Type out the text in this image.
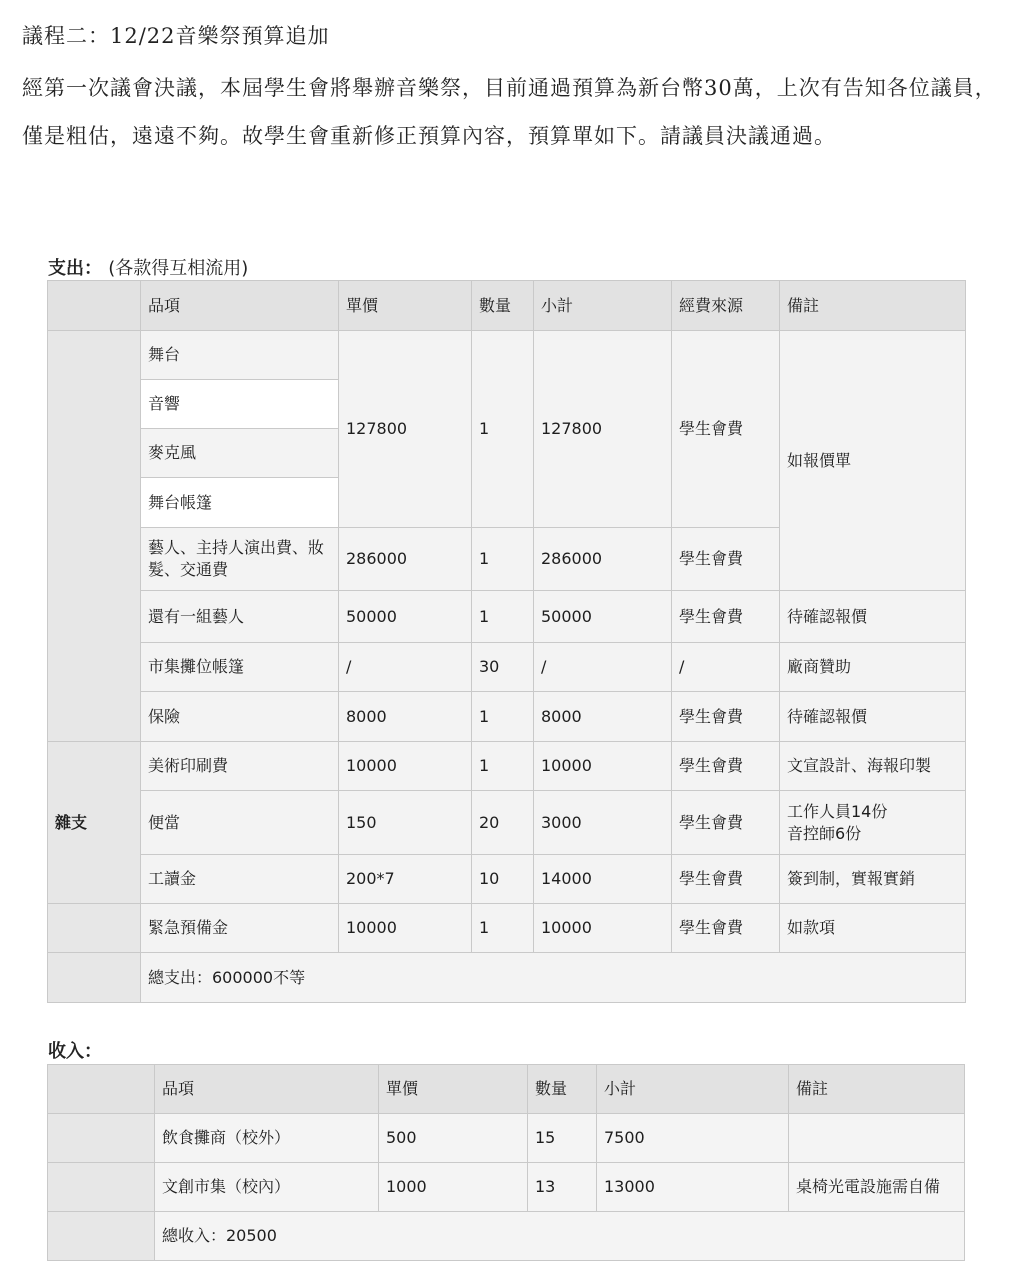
議程二：12/22音樂祭預算追加
經第一次議會決議，本屆學生會將舉辦音樂祭，目前通過預算為新台幣30萬，上次有告知各位議員，僅是粗估，遠遠不夠。故學生會重新修正預算內容，預算單如下。請議員決議通過。
支出： (各款得互相流用)
	品項	單價	數量	小計	經費來源	備註
	舞台	127800	1	127800	學生會費	如報價單
	音響					
	麥克風					
	舞台帳篷					
	藝人、主持人演出費、妝髮、交通費	286000	1	286000	學生會費	
	還有一組藝人	50000	1	50000	學生會費	待確認報價
	市集攤位帳篷	/	30	/	/	廠商贊助
	保險	8000	1	8000	學生會費	待確認報價
雜支	美術印刷費	10000	1	10000	學生會費	文宣設計、海報印製
	便當	150	20	3000	學生會費	工作人員14份
音控師6份

	工讀金	200*7	10	14000	學生會費	簽到制，實報實銷
	緊急預備金	10000	1	10000	學生會費	如款項
	總支出：600000不等					
收入：
	品項	單價	數量	小計	備註
	飲食攤商（校外）	500	15	7500	
	文創市集（校內）	1000	13	13000	桌椅光電設施需自備
	總收入：20500				
